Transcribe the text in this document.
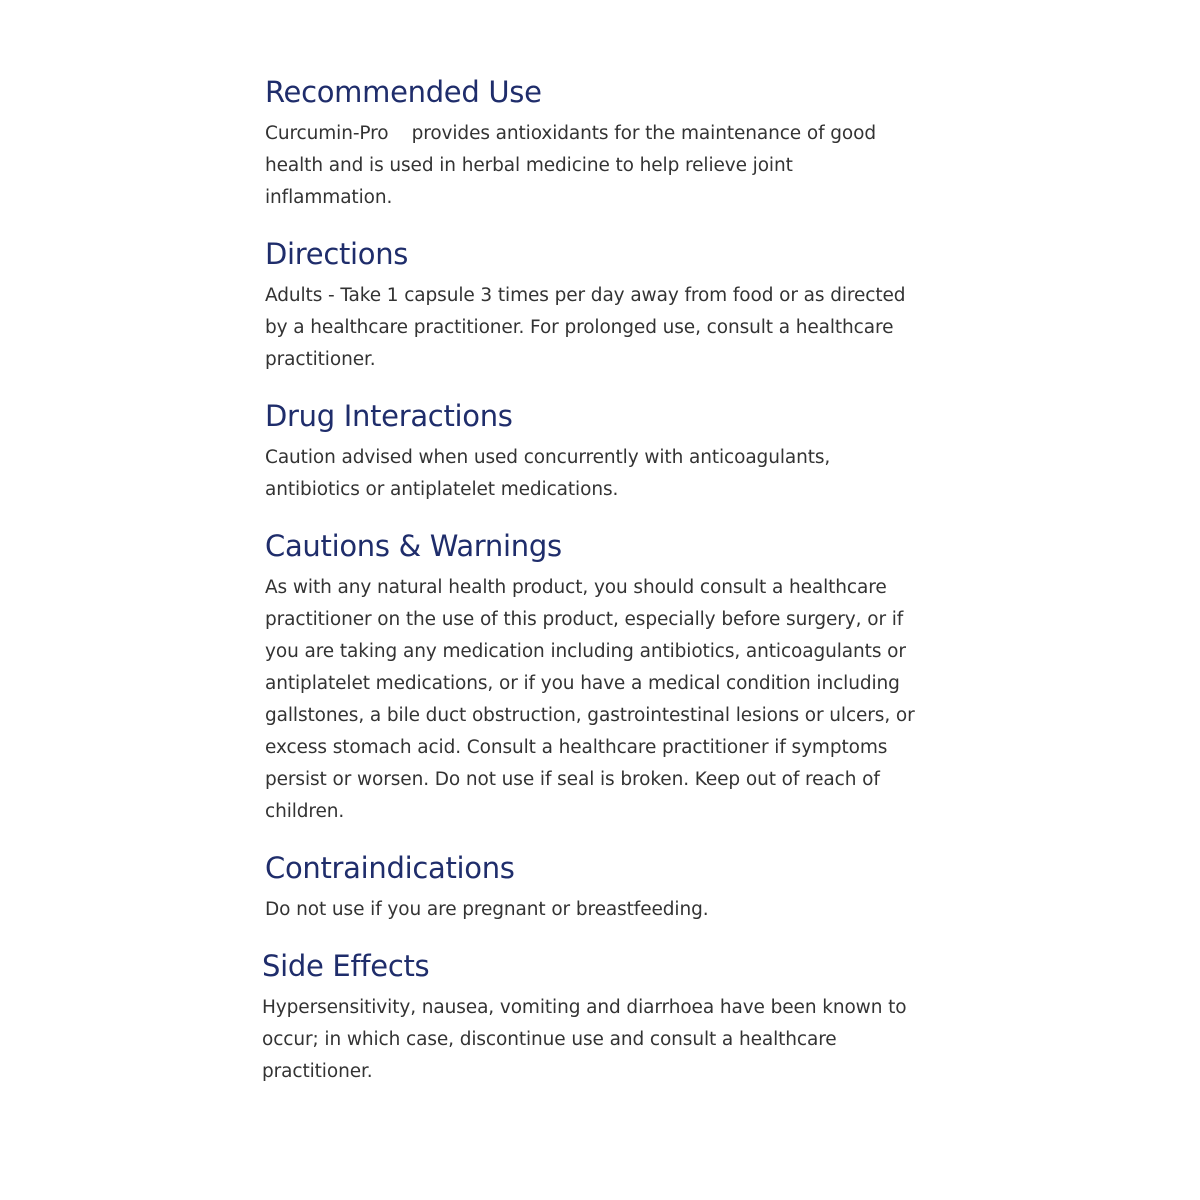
Recommended Use

Curcumin-Pro    provides antioxidants for the maintenance of good health and is used in herbal medicine to help relieve joint inflammation.

Directions

Adults - Take 1 capsule 3 times per day away from food or as directed by a healthcare practitioner. For prolonged use, consult a healthcare practitioner.

Drug Interactions

Caution advised when used concurrently with anticoagulants, antibiotics or antiplatelet medications.

Cautions & Warnings

As with any natural health product, you should consult a healthcare practitioner on the use of this product, especially before surgery, or if you are taking any medication including antibiotics, anticoagulants or antiplatelet medications, or if you have a medical condition including gallstones, a bile duct obstruction, gastrointestinal lesions or ulcers, or excess stomach acid. Consult a healthcare practitioner if symptoms persist or worsen. Do not use if seal is broken. Keep out of reach of children.

Contraindications

Do not use if you are pregnant or breastfeeding.

Side Effects

Hypersensitivity, nausea, vomiting and diarrhoea have been known to occur; in which case, discontinue use and consult a healthcare practitioner.
